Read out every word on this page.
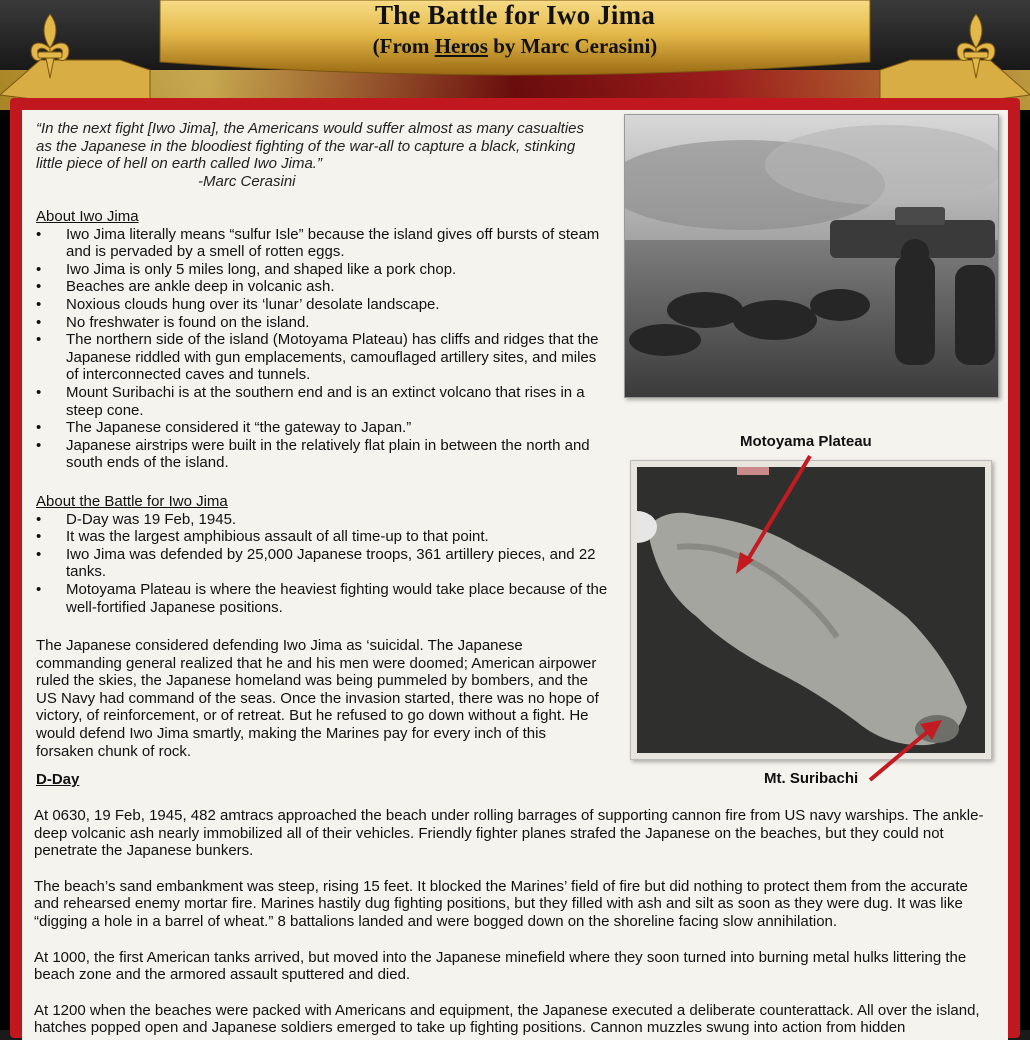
The Battle for Iwo Jima
(From Heros by Marc Cerasini)
“In the next fight [Iwo Jima], the Americans would suffer almost as many casualties as the Japanese in the bloodiest fighting of the war-all to capture a black, stinking little piece of hell on earth called Iwo Jima.”
-Marc Cerasini
About Iwo Jima
• Iwo Jima literally means “sulfur Isle” because the island gives off bursts of steam and is pervaded by a smell of rotten eggs.
• Iwo Jima is only 5 miles long, and shaped like a pork chop.
• Beaches are ankle deep in volcanic ash.
• Noxious clouds hung over its ‘lunar’ desolate landscape.
• No freshwater is found on the island.
• The northern side of the island (Motoyama Plateau) has cliffs and ridges that the Japanese riddled with gun emplacements, camouflaged artillery sites, and miles of interconnected caves and tunnels.
• Mount Suribachi is at the southern end and is an extinct volcano that rises in a steep cone.
• The Japanese considered it “the gateway to Japan.”
• Japanese airstrips were built in the relatively flat plain in between the north and south ends of the island.
About the Battle for Iwo Jima
• D-Day was 19 Feb, 1945.
• It was the largest amphibious assault of all time-up to that point.
• Iwo Jima was defended by 25,000 Japanese troops, 361 artillery pieces, and 22 tanks.
• Motoyama Plateau is where the heaviest fighting would take place because of the well-fortified Japanese positions.
The Japanese considered defending Iwo Jima as ‘suicidal. The Japanese commanding general realized that he and his men were doomed; American airpower ruled the skies, the Japanese homeland was being pummeled by bombers, and the US Navy had command of the seas. Once the invasion started, there was no hope of victory, of reinforcement, or of retreat. But he refused to go down without a fight. He would defend Iwo Jima smartly, making the Marines pay for every inch of this forsaken chunk of rock.
D-Day

At 0630, 19 Feb, 1945, 482 amtracs approached the beach under rolling barrages of supporting cannon fire from US navy warships. The ankle-deep volcanic ash nearly immobilized all of their vehicles. Friendly fighter planes strafed the Japanese on the beaches, but they could not penetrate the Japanese bunkers.

The beach’s sand embankment was steep, rising 15 feet. It blocked the Marines’ field of fire but did nothing to protect them from the accurate and rehearsed enemy mortar fire. Marines hastily dug fighting positions, but they filled with ash and silt as soon as they were dug. It was like “digging a hole in a barrel of wheat.” 8 battalions landed and were bogged down on the shoreline facing slow annihilation.

At 1000, the first American tanks arrived, but moved into the Japanese minefield where they soon turned into burning metal hulks littering the beach zone and the armored assault sputtered and died.

At 1200 when the beaches were packed with Americans and equipment, the Japanese executed a deliberate counterattack. All over the island, hatches popped open and Japanese soldiers emerged to take up fighting positions. Cannon muzzles swung into action from hidden

Motoyama Plateau
Mt. Suribachi
